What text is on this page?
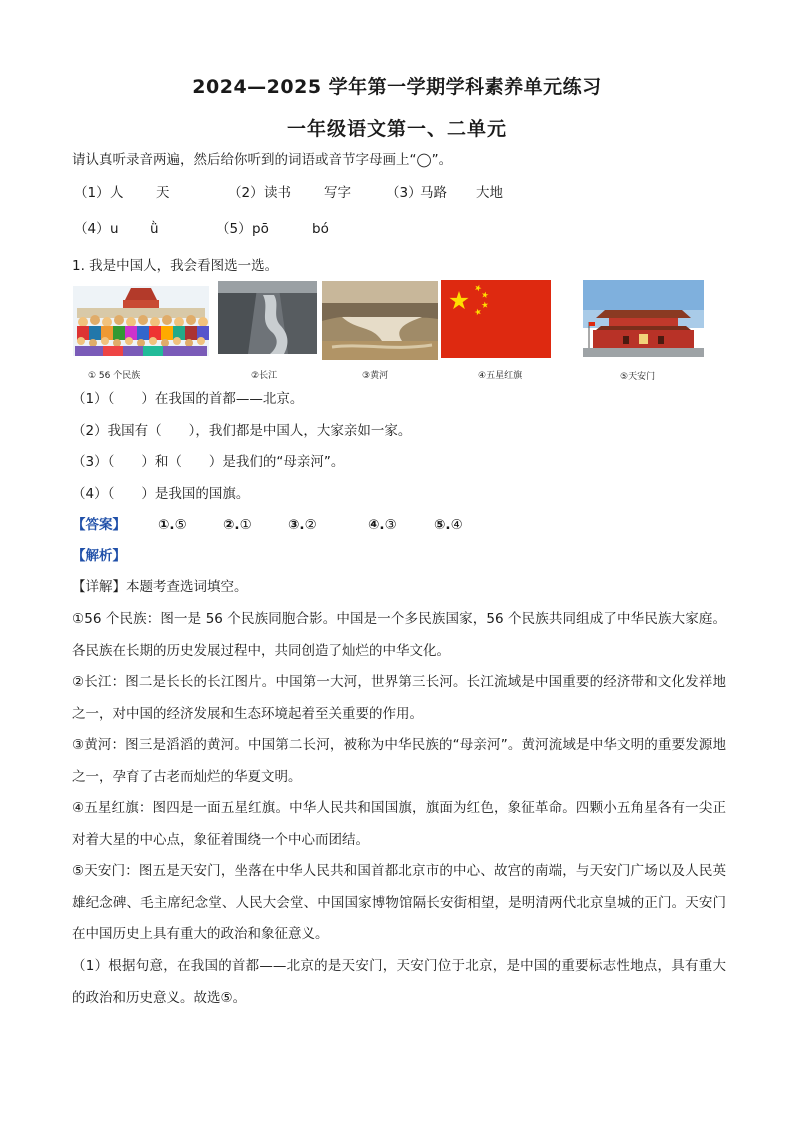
2024—2025 学年第一学期学科素养单元练习
一年级语文第一、二单元
请认真听录音两遍，然后给你听到的词语或音节字母画上“◯”。
（1） 人 天	（2） 读书 写字	（3）
马路 大地
（4） u ǜ	（5） pō	bó
1. 我是中国人，我会看图选一选。
① 56 个民族	②长江	③黄河	④五星红旗	⑤天安门
（1）（　　）在我国的首都——北京。
（2）我国有（　　），我们都是中国人，大家亲如一家。
（3）（　　）和（　　）是我们的“母亲河”。
（4）（　　）是我国的国旗。
【答案】 ①.⑤	②.①	③.②	④.③	⑤.④
【解析】
【详解】本题考查选词填空。
①56 个民族：图一是 56 个民族同胞合影。中国是一个多民族国家，56 个民族共同组成了中华民族大家庭。各民族在长期的历史发展过程中，共同创造了灿烂的中华文化。
②长江：图二是长长的长江图片。中国第一大河，世界第三长河。长江流域是中国重要的经济带和文化发祥地之一，对中国的经济发展和生态环境起着至关重要的作用。
③黄河：图三是滔滔的黄河。中国第二长河，被称为中华民族的“母亲河”。黄河流域是中华文明的重要发源地之一，孕育了古老而灿烂的华夏文明。
④五星红旗：图四是一面五星红旗。中华人民共和国国旗，旗面为红色，象征革命。四颗小五角星各有一尖正对着大星的中心点，象征着围绕一个中心而团结。
⑤天安门：图五是天安门，坐落在中华人民共和国首都北京市的中心、故宫的南端，与天安门广场以及人民英雄纪念碑、毛主席纪念堂、人民大会堂、中国国家博物馆隔长安街相望，是明清两代北京皇城的正门。天安门在中国历史上具有重大的政治和象征意义。
（1）根据句意，在我国的首都——北京的是天安门，天安门位于北京，是中国的重要标志性地点，具有重大的政治和历史意义。故选⑤。
